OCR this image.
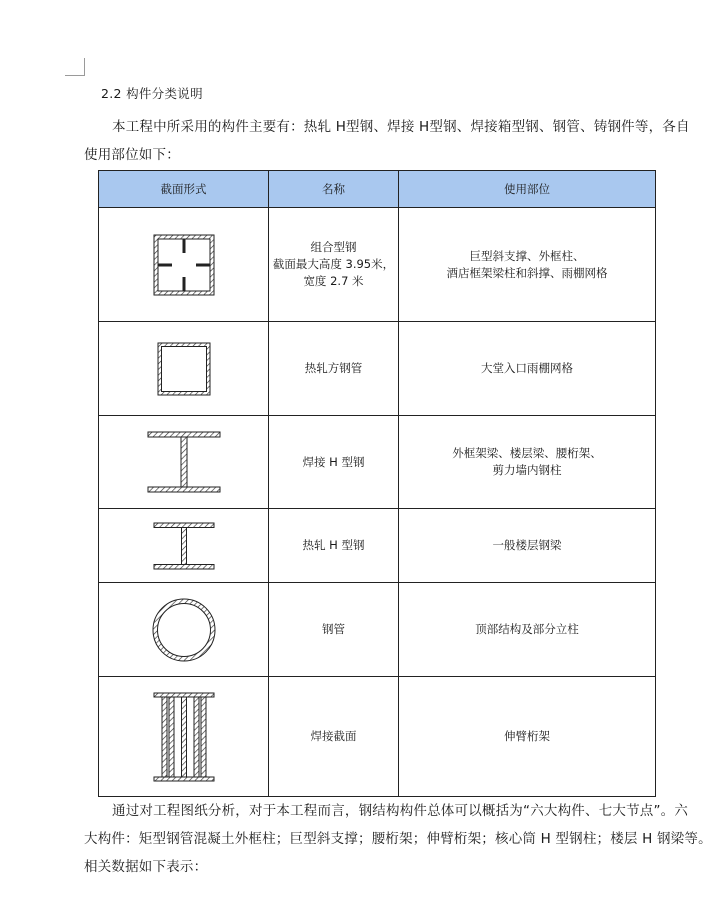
2.2 构件分类说明
本工程中所采用的构件主要有：热轧 H型钢、焊接 H型钢、焊接箱型钢、钢管、铸钢件等，各自
使用部位如下：
截面形式	名称	使用部位

组合型钢
截面最大高度 3.95米，
宽度 2.7 米	巨型斜支撑、外框柱、
酒店框架梁柱和斜撑、雨棚网格

热轧方钢管	大堂入口雨棚网格

焊接 H 型钢	外框架梁、楼层梁、腰桁架、
剪力墙内钢柱

热轧 H 型钢	一般楼层钢梁

钢管	顶部结构及部分立柱

焊接截面	伸臂桁架
通过对工程图纸分析，对于本工程而言，钢结构构件总体可以概括为“六大构件、七大节点”。六
大构件：矩型钢管混凝土外框柱；巨型斜支撑；腰桁架；伸臂桁架；核心筒 H 型钢柱；楼层 H 钢梁等。
相关数据如下表示：
